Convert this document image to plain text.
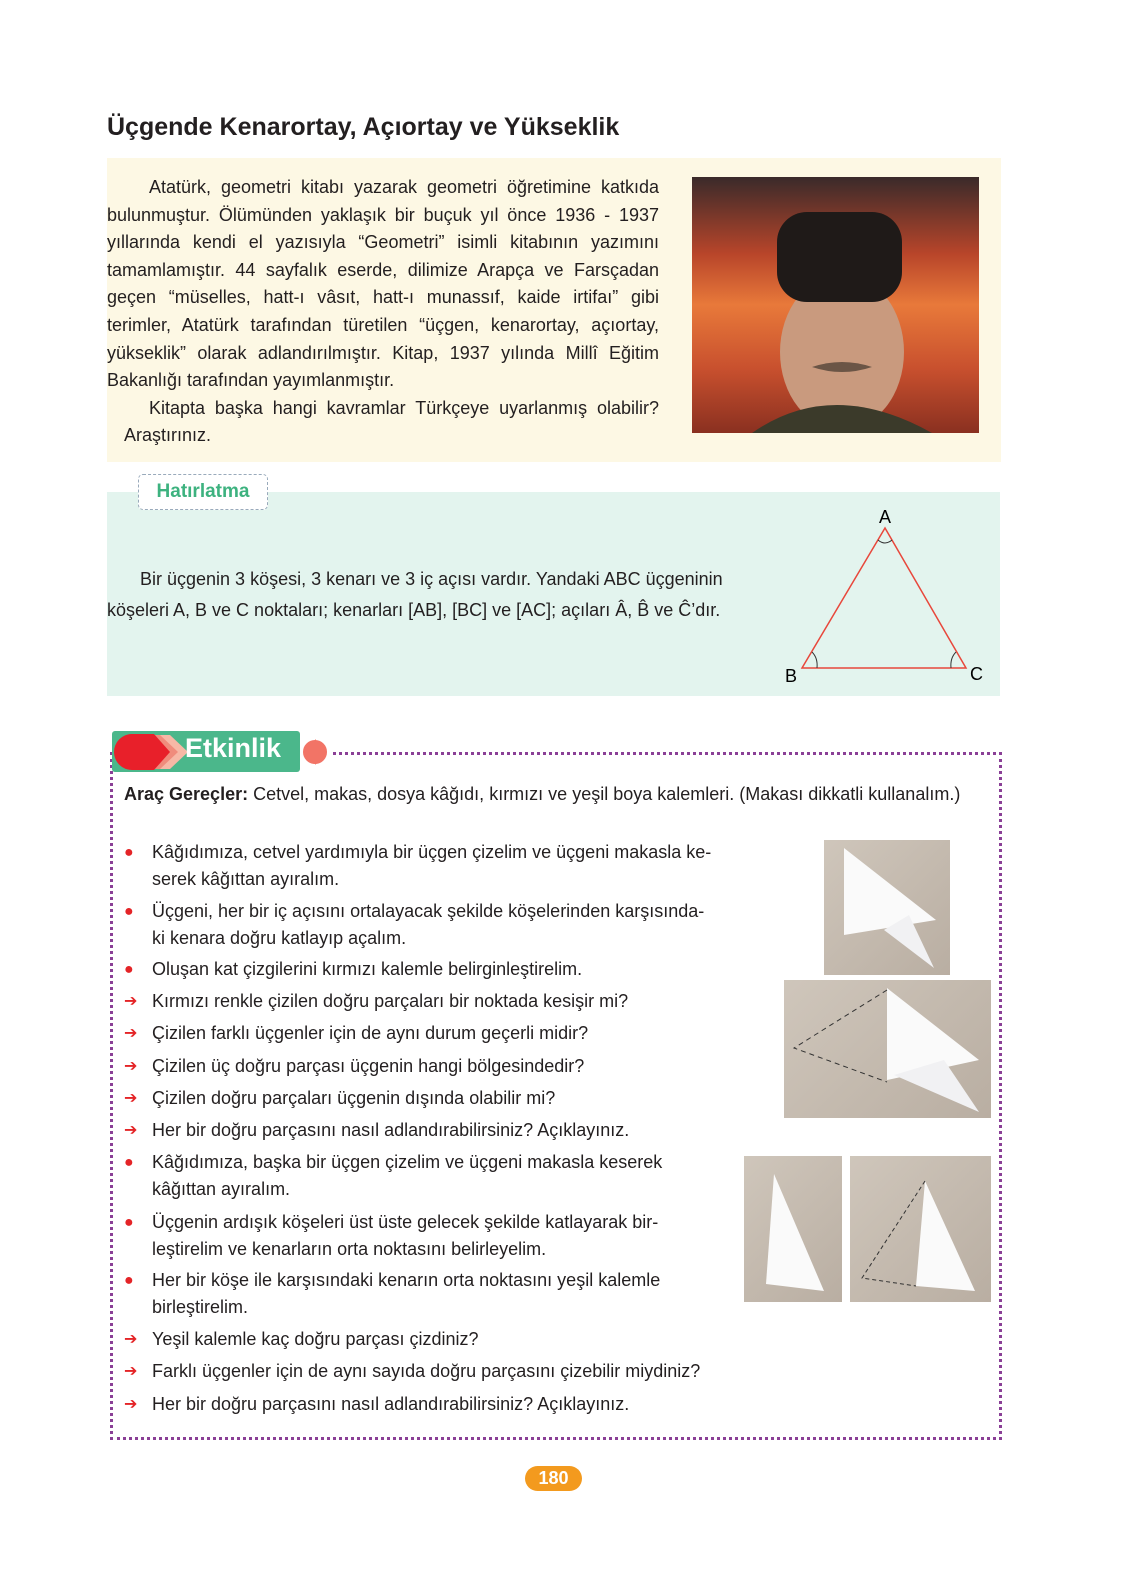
Üçgende Kenarortay, Açıortay ve Yükseklik

Atatürk, geometri kitabı yazarak geometri öğretimine katkıda bulunmuştur. Ölümünden yaklaşık bir buçuk yıl önce 1936 - 1937 yıllarında kendi el yazısıyla “Geometri” isimli kitabının yazımını tamamlamıştır. 44 sayfalık eserde, dilimize Arapça ve Farsçadan geçen “müselles, hatt-ı vâsıt, hatt-ı munassıf, kaide irtifaı” gibi terimler, Atatürk tarafından türetilen “üçgen, kenarortay, açıortay, yükseklik” olarak adlandırılmıştır. Kitap, 1937 yılında Millî Eğitim Bakanlığı tarafından yayımlanmıştır.

Kitapta başka hangi kavramlar Türkçeye uyarlanmış olabilir? Araştırınız.

Hatırlatma

Bir üçgenin 3 köşesi, 3 kenarı ve 3 iç açısı vardır. Yandaki ABC üçgeninin

köşeleri A, B ve C noktaları; kenarları [AB], [BC] ve [AC]; açıları Â, B̂ ve Ĉ’dır.

A
B	C
Etkinlik
Araç Gereçler: Cetvel, makas, dosya kâğıdı, kırmızı ve yeşil boya kalemleri. (Makası dikkatli kullanalım.)
●	Kâğıdımıza, cetvel yardımıyla bir üçgen çizelim ve üçgeni makasla ke-
serek kâğıttan ayıralım.
●	Üçgeni, her bir iç açısını ortalayacak şekilde köşelerinden karşısında-
ki kenara doğru katlayıp açalım.
●	Oluşan kat çizgilerini kırmızı kalemle belirginleştirelim.
➔ Kırmızı renkle çizilen doğru parçaları bir noktada kesişir mi?
➔ Çizilen farklı üçgenler için de aynı durum geçerli midir?
➔ Çizilen üç doğru parçası üçgenin hangi bölgesindedir?
➔ Çizilen doğru parçaları üçgenin dışında olabilir mi?
➔ Her bir doğru parçasını nasıl adlandırabilirsiniz? Açıklayınız.
●	Kâğıdımıza, başka bir üçgen çizelim ve üçgeni makasla keserek
kâğıttan ayıralım.
●	Üçgenin ardışık köşeleri üst üste gelecek şekilde katlayarak bir-
leştirelim ve kenarların orta noktasını belirleyelim.
●	Her bir köşe ile karşısındaki kenarın orta noktasını yeşil kalemle
birleştirelim.
➔ Yeşil kalemle kaç doğru parçası çizdiniz?
➔ Farklı üçgenler için de aynı sayıda doğru parçasını çizebilir miydiniz?
➔ Her bir doğru parçasını nasıl adlandırabilirsiniz? Açıklayınız.
180
